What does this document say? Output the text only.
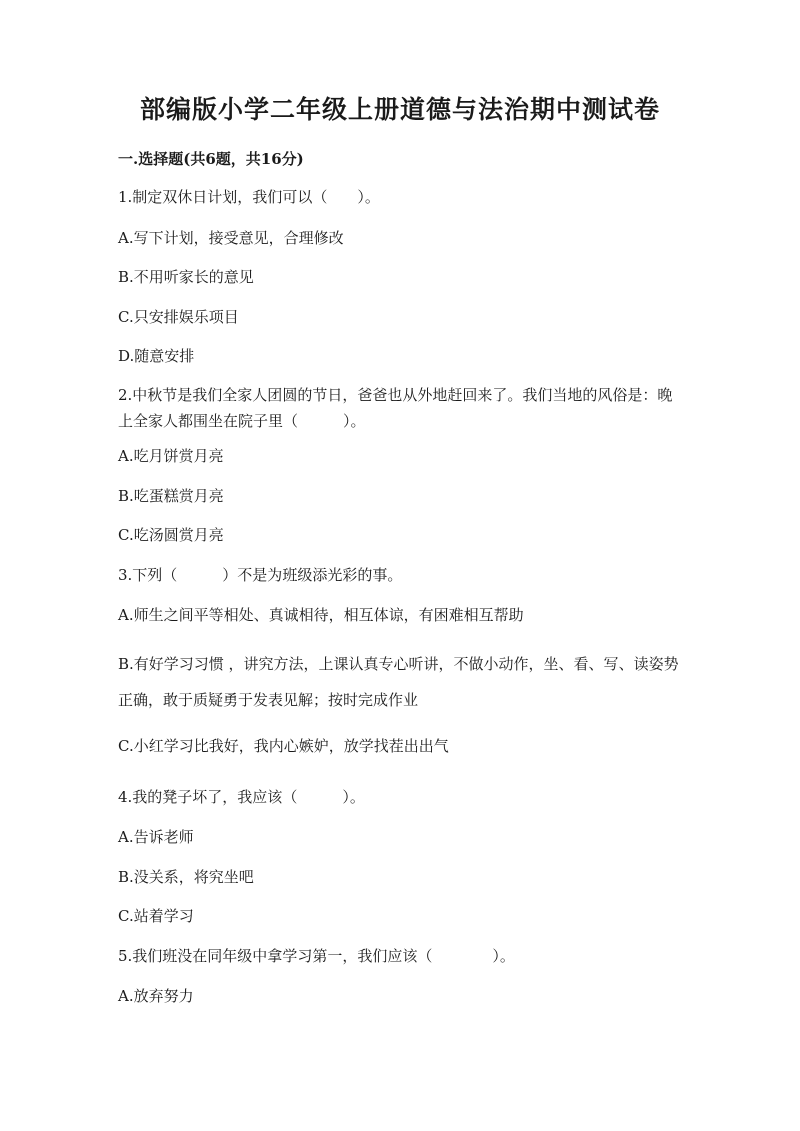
部编版小学二年级上册道德与法治期中测试卷
一.选择题(共6题，共16分)
1.制定双休日计划，我们可以（　　）。
A.写下计划，接受意见，合理修改
B.不用听家长的意见
C.只安排娱乐项目
D.随意安排
2.中秋节是我们全家人团圆的节日，爸爸也从外地赶回来了。我们当地的风俗是：晚上全家人都围坐在院子里（　　　）。
A.吃月饼赏月亮
B.吃蛋糕赏月亮
C.吃汤圆赏月亮
3.下列（　　　）不是为班级添光彩的事。
A.师生之间平等相处、真诚相待，相互体谅，有困难相互帮助
B.有好学习习惯 ，讲究方法，上课认真专心听讲，不做小动作，坐、看、写、读姿势正确，敢于质疑勇于发表见解；按时完成作业
C.小红学习比我好，我内心嫉妒，放学找茬出出气
4.我的凳子坏了，我应该（　　　）。
A.告诉老师
B.没关系，将究坐吧
C.站着学习
5.我们班没在同年级中拿学习第一，我们应该（　　　　）。
A.放弃努力
